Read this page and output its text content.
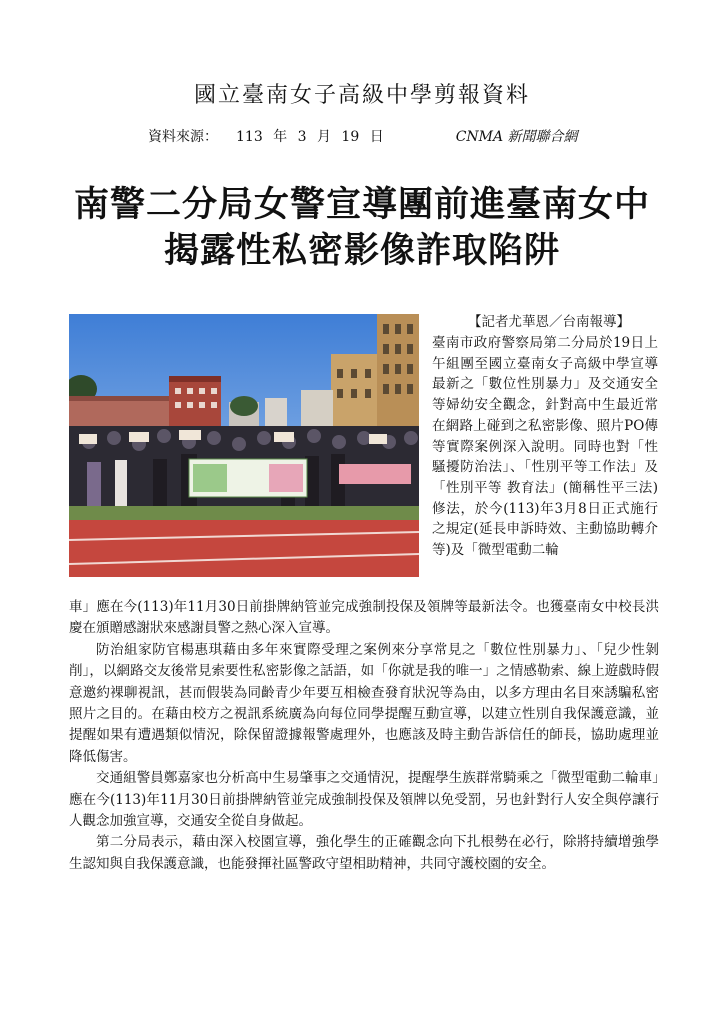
國立臺南女子高級中學剪報資料
資料來源： 113 年 3 月 19 日	CNMA 新聞聯合網
南警二分局女警宣導團前進臺南女中
揭露性私密影像詐取陷阱
【記者尤華恩／台南報導】
臺南市政府警察局第二分局於19日上午組團至國立臺南女子高級中學宣導最新之「數位性別暴力」及交通安全等婦幼安全觀念，針對高中生最近常在網路上碰到之私密影像、照片PO傳等實際案例深入說明。同時也對「性騷擾防治法」、「性別平等工作法」及「性別平等 教育法」(簡稱性平三法)修法，於今(113)年3月8日正式施行之規定(延長申訴時效、主動協助轉介等)及「微型電動二輪

車」應在今(113)年11月30日前掛牌納管並完成強制投保及領牌等最新法令。也獲臺南女中校長洪慶在頒贈感謝狀來感謝員警之熱心深入宣導。

防治組家防官楊惠琪藉由多年來實際受理之案例來分享常見之「數位性別暴力」、「兒少性剝削」，以網路交友後常見索要性私密影像之話語，如「你就是我的唯一」之情感勒索、線上遊戲時假意邀約裸聊視訊，甚而假裝為同齡青少年要互相檢查發育狀況等為由，以多方理由名目來誘騙私密照片之目的。在藉由校方之視訊系統廣為向每位同學提醒互動宣導，以建立性別自我保護意識，並提醒如果有遭遇類似情況，除保留證據報警處理外，也應該及時主動告訴信任的師長，協助處理並降低傷害。

交通組警員鄭嘉家也分析高中生易肇事之交通情況，提醒學生族群常騎乘之「微型電動二輪車」應在今(113)年11月30日前掛牌納管並完成強制投保及領牌以免受罰，另也針對行人安全與停讓行人觀念加強宣導，交通安全從自身做起。

第二分局表示，藉由深入校園宣導，強化學生的正確觀念向下扎根勢在必行，除將持續增強學生認知與自我保護意識，也能發揮社區警政守望相助精神，共同守護校園的安全。
